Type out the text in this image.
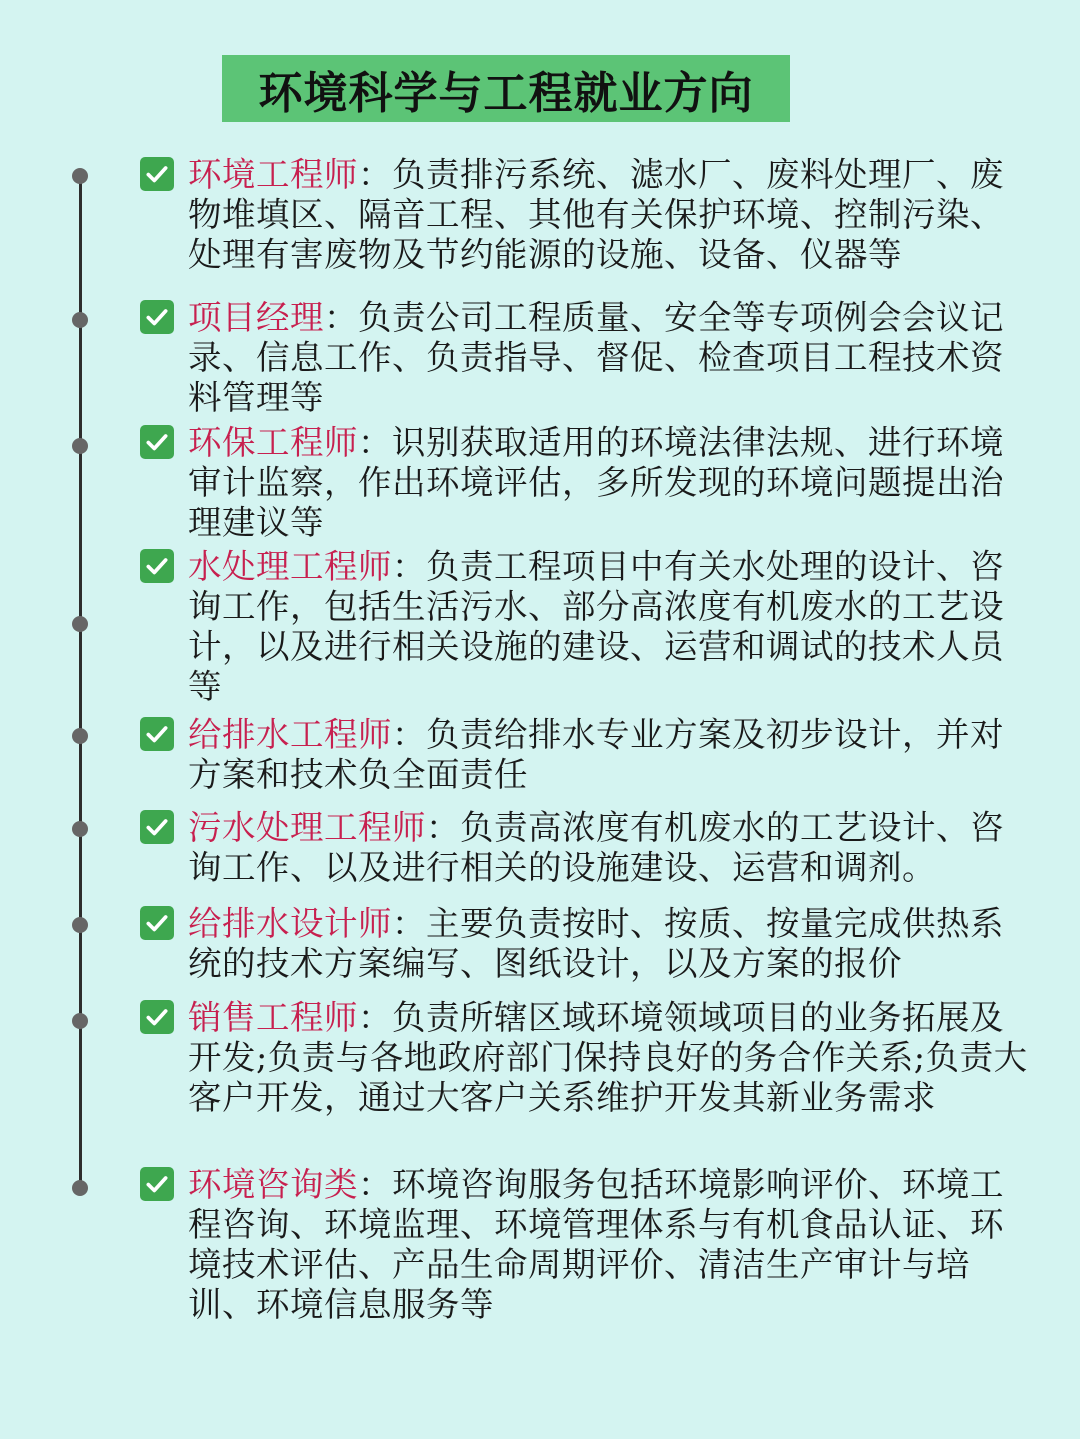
环境科学与工程就业方向
环境工程师：负责排污系统、滤水厂、废料处理厂、废物堆填区、隔音工程、其他有关保护环境、控制污染、处理有害废物及节约能源的设施、设备、仪器等
项目经理：负责公司工程质量、安全等专项例会会议记录、信息工作、负责指导、督促、检查项目工程技术资料管理等
环保工程师：识别获取适用的环境法律法规、进行环境审计监察，作出环境评估，多所发现的环境问题提出治理建议等
水处理工程师：负责工程项目中有关水处理的设计、咨询工作，包括生活污水、部分高浓度有机废水的工艺设计，以及进行相关设施的建设、运营和调试的技术人员等
给排水工程师：负责给排水专业方案及初步设计，并对方案和技术负全面责任
污水处理工程师：负责高浓度有机废水的工艺设计、咨询工作、以及进行相关的设施建设、运营和调剂。
给排水设计师：主要负责按时、按质、按量完成供热系统的技术方案编写、图纸设计，以及方案的报价
销售工程师：负责所辖区域环境领域项目的业务拓展及开发;负责与各地政府部门保持良好的务合作关系;负责大客户开发，通过大客户关系维护开发其新业务需求
环境咨询类：环境咨询服务包括环境影响评价、环境工程咨询、环境监理、环境管理体系与有机食品认证、环境技术评估、产品生命周期评价、清洁生产审计与培训、环境信息服务等
